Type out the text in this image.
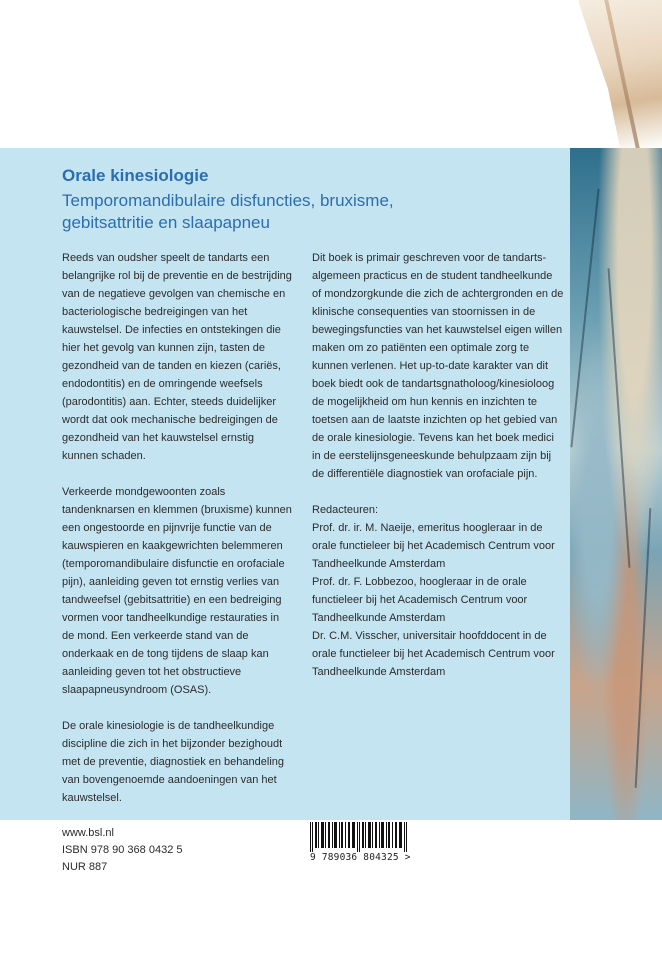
Orale kinesiologie
Temporomandibulaire disfuncties, bruxisme, gebitsattritie en slaapapneu

Reeds van oudsher speelt de tandarts een belangrijke rol bij de preventie en de bestrijding van de negatieve gevolgen van chemische en bacteriologische bedreigingen van het kauwstelsel. De infecties en ontstekingen die hier het gevolg van kunnen zijn, tasten de gezondheid van de tanden en kiezen (cariës, endodontitis) en de omringende weefsels (parodontitis) aan. Echter, steeds duidelijker wordt dat ook mechanische bedreigingen de gezondheid van het kauwstelsel ernstig kunnen schaden.

Verkeerde mondgewoonten zoals tandenknarsen en klemmen (bruxisme) kunnen een ongestoorde en pijnvrije functie van de kauwspieren en kaakgewrichten belemmeren (temporomandibulaire disfunctie en orofaciale pijn), aanleiding geven tot ernstig verlies van tandweefsel (gebitsattritie) en een bedreiging vormen voor tandheelkundige restauraties in de mond. Een verkeerde stand van de onderkaak en de tong tijdens de slaap kan aanleiding geven tot het obstructieve slaapapneusyndroom (OSAS).

De orale kinesiologie is de tandheelkundige discipline die zich in het bijzonder bezighoudt met de preventie, diagnostiek en behandeling van bovengenoemde aandoeningen van het kauwstelsel.

Dit boek is primair geschreven voor de tandarts-algemeen practicus en de student tandheelkunde of mondzorgkunde die zich de achtergronden en de klinische consequenties van stoornissen in de bewegingsfuncties van het kauwstelsel eigen willen maken om zo patiënten een optimale zorg te kunnen verlenen. Het up-to-date karakter van dit boek biedt ook de tandartsgnatholoog/kinesioloog de mogelijkheid om hun kennis en inzichten te toetsen aan de laatste inzichten op het gebied van de orale kinesiologie. Tevens kan het boek medici in de eerstelijnsgeneeskunde behulpzaam zijn bij de differentiële diagnostiek van orofaciale pijn.

Redacteuren:
Prof. dr. ir. M. Naeije, emeritus hoogleraar in de orale functieleer bij het Academisch Centrum voor Tandheelkunde Amsterdam
Prof. dr. F. Lobbezoo, hoogleraar in de orale functieleer bij het Academisch Centrum voor Tandheelkunde Amsterdam
Dr. C.M. Visscher, universitair hoofddocent in de orale functieleer bij het Academisch Centrum voor Tandheelkunde Amsterdam
www.bsl.nl
ISBN 978 90 368 0432 5
NUR 887
9 789036 804325 >
